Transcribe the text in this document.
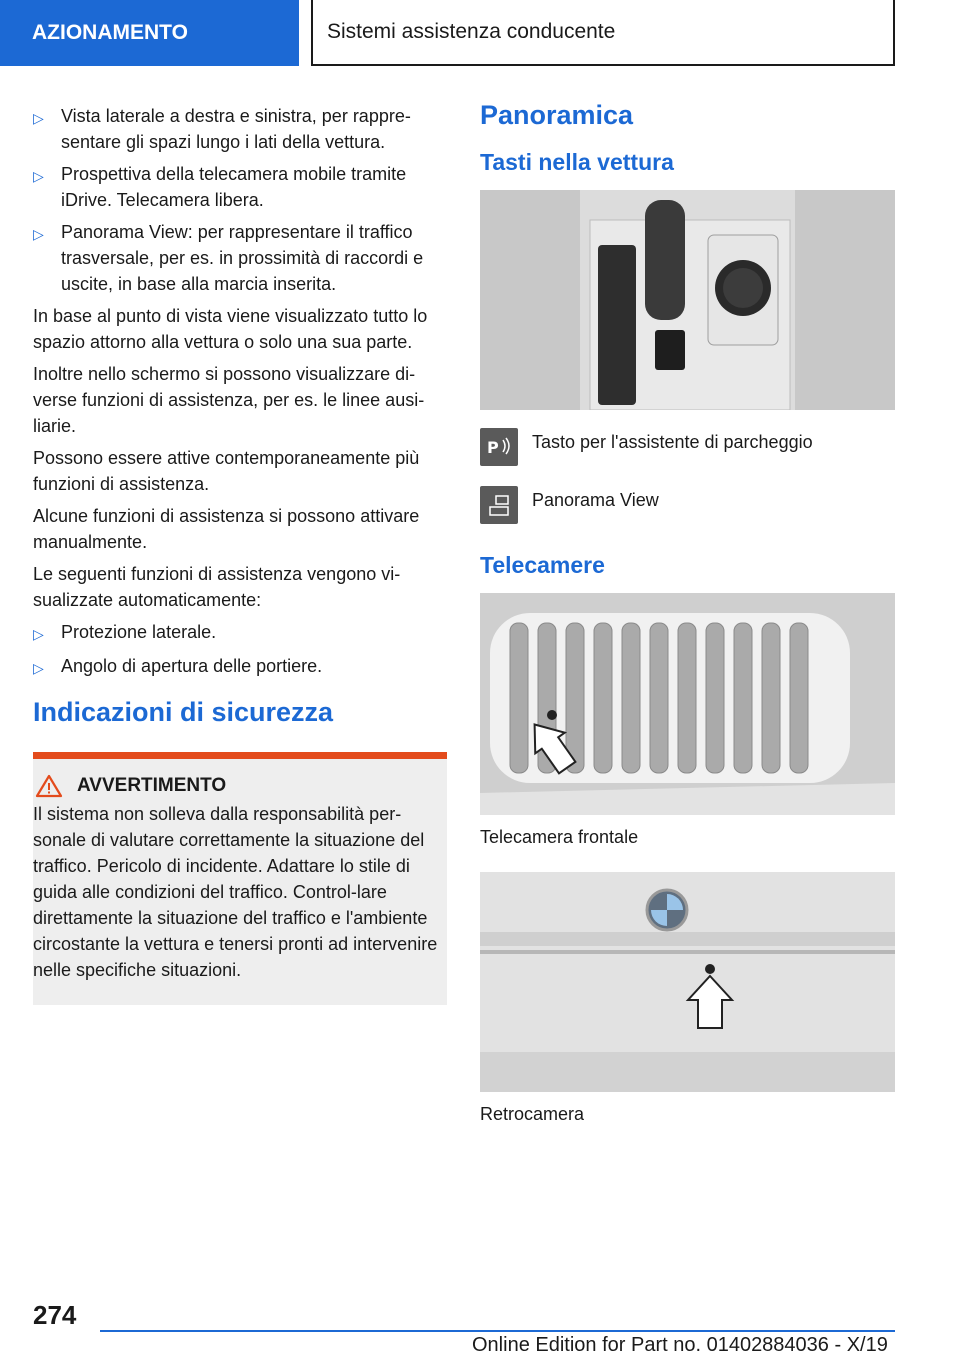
AZIONAMENTO	Sistemi assistenza conducente
▷ Vista laterale a destra e sinistra, per rappre-sentare gli spazi lungo i lati della vettura.
▷ Prospettiva della telecamera mobile tramite iDrive. Telecamera libera.
▷ Panorama View: per rappresentare il traffico trasversale, per es. in prossimità di raccordi e uscite, in base alla marcia inserita.

In base al punto di vista viene visualizzato tutto lo spazio attorno alla vettura o solo una sua parte.

Inoltre nello schermo si possono visualizzare di-verse funzioni di assistenza, per es. le linee ausi-liarie.

Possono essere attive contemporaneamente più funzioni di assistenza.

Alcune funzioni di assistenza si possono attivare manualmente.

Le seguenti funzioni di assistenza vengono vi-sualizzate automaticamente:

▷ Protezione laterale.
▷ Angolo di apertura delle portiere.
Indicazioni di sicurezza
AVVERTIMENTO
Il sistema non solleva dalla responsabilità per-sonale di valutare correttamente la situazione del traffico. Pericolo di incidente. Adattare lo stile di guida alle condizioni del traffico. Control-lare direttamente la situazione del traffico e l'ambiente circostante la vettura e tenersi pronti ad intervenire nelle specifiche situazioni.
Panoramica
Tasti nella vettura
P Tasto per l'assistente di parcheggio
Panorama View
Telecamere
Telecamera frontale
Retrocamera
274
Online Edition for Part no. 01402884036 - X/19
